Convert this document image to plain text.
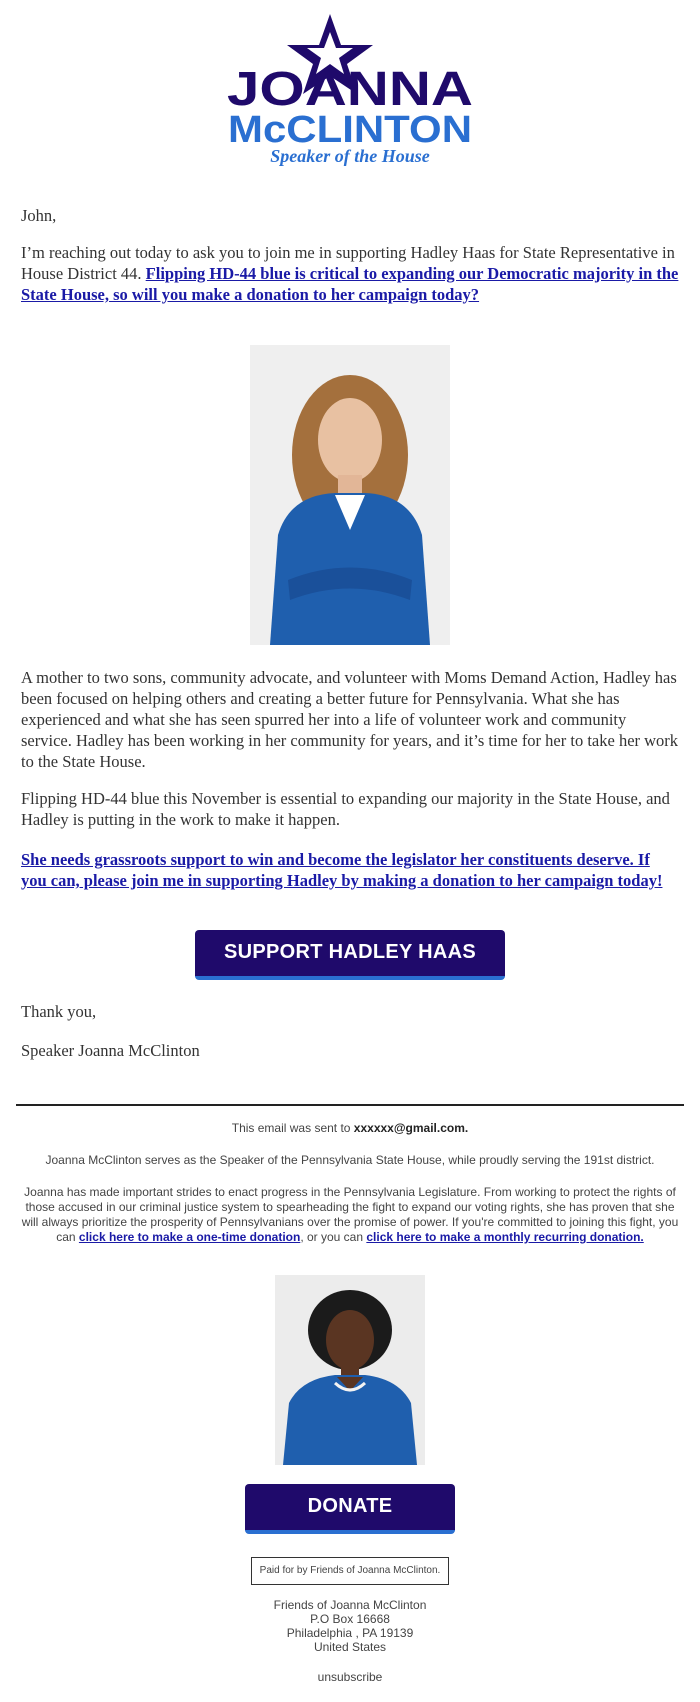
JOANNA
McCLINTON
Speaker of the House
John,
I’m reaching out today to ask you to join me in supporting Hadley Haas for State Representative in House District 44. Flipping HD-44 blue is critical to expanding our Democratic majority in the State House, so will you make a donation to her campaign today?
A mother to two sons, community advocate, and volunteer with Moms Demand Action, Hadley has been focused on helping others and creating a better future for Pennsylvania. What she has experienced and what she has seen spurred her into a life of volunteer work and community service. Hadley has been working in her community for years, and it’s time for her to take her work to the State House.
Flipping HD-44 blue this November is essential to expanding our majority in the State House, and Hadley is putting in the work to make it happen.
She needs grassroots support to win and become the legislator her constituents deserve. If you can, please join me in supporting Hadley by making a donation to her campaign today!
SUPPORT HADLEY HAAS
Thank you,
Speaker Joanna McClinton
This email was sent to xxxxxx@gmail.com.
Joanna McClinton serves as the Speaker of the Pennsylvania State House, while proudly serving the 191st district.
Joanna has made important strides to enact progress in the Pennsylvania Legislature. From working to protect the rights of those accused in our criminal justice system to spearheading the fight to expand our voting rights, she has proven that she will always prioritize the prosperity of Pennsylvanians over the promise of power. If you're committed to joining this fight, you can click here to make a one-time donation, or you can click here to make a monthly recurring donation.
DONATE
Paid for by Friends of Joanna McClinton.
Friends of Joanna McClinton
P.O Box 16668
Philadelphia , PA 19139
United States
unsubscribe
